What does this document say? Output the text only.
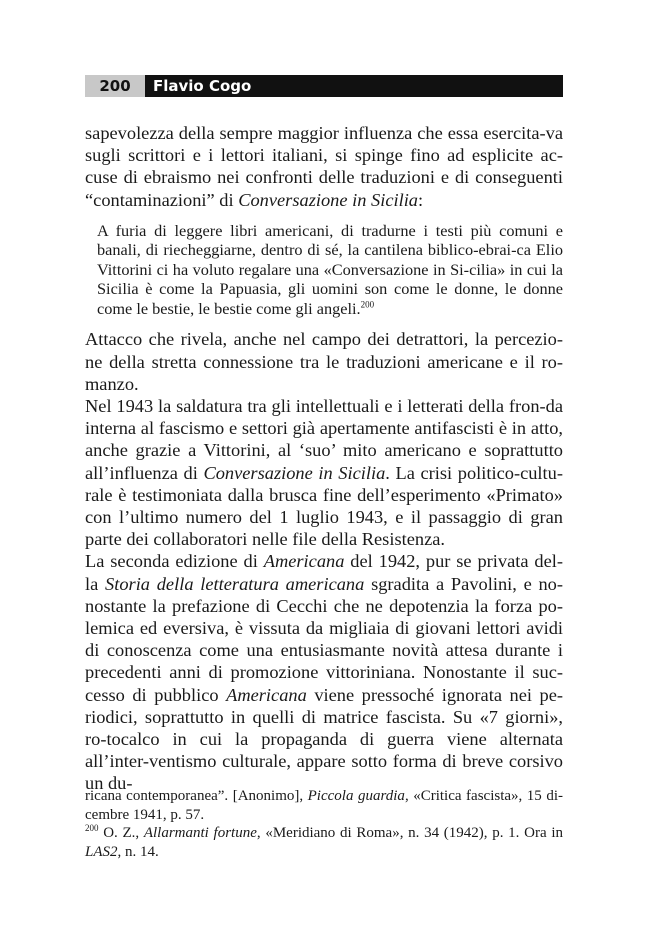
200	Flavio Cogo

sapevolezza della sempre maggior influenza che essa esercita-va sugli scrittori e i lettori italiani, si spinge fino ad esplicite ac-cuse di ebraismo nei confronti delle traduzioni e di conseguenti “contaminazioni” di Conversazione in Sicilia:

A furia di leggere libri americani, di tradurne i testi più comuni e banali, di riecheggiarne, dentro di sé, la cantilena biblico-ebrai-ca Elio Vittorini ci ha voluto regalare una «Conversazione in Si-cilia» in cui la Sicilia è come la Papuasia, gli uomini son come le donne, le donne come le bestie, le bestie come gli angeli.$^{200}$

Attacco che rivela, anche nel campo dei detrattori, la percezio-ne della stretta connessione tra le traduzioni americane e il ro-manzo.

Nel 1943 la saldatura tra gli intellettuali e i letterati della fron-da interna al fascismo e settori già apertamente antifascisti è in atto, anche grazie a Vittorini, al ‘suo’ mito americano e soprattutto all’influenza di Conversazione in Sicilia. La crisi politico-cultu-rale è testimoniata dalla brusca fine dell’esperimento «Primato» con l’ultimo numero del 1 luglio 1943, e il passaggio di gran parte dei collaboratori nelle file della Resistenza.

La seconda edizione di Americana del 1942, pur se privata del-la Storia della letteratura americana sgradita a Pavolini, e no-nostante la prefazione di Cecchi che ne depotenzia la forza po-lemica ed eversiva, è vissuta da migliaia di giovani lettori avidi di conoscenza come una entusiasmante novità attesa durante i precedenti anni di promozione vittoriniana. Nonostante il suc-cesso di pubblico Americana viene pressoché ignorata nei pe-riodici, soprattutto in quelli di matrice fascista. Su «7 giorni», ro-tocalco in cui la propaganda di guerra viene alternata all’inter-ventismo culturale, appare sotto forma di breve corsivo un du-

ricana contemporanea”. [Anonimo], Piccola guardia, «Critica fascista», 15 di-cembre 1941, p. 57.

$^{200}$ O. Z., Allarmanti fortune, «Meridiano di Roma», n. 34 (1942), p. 1. Ora in LAS2, n. 14.
